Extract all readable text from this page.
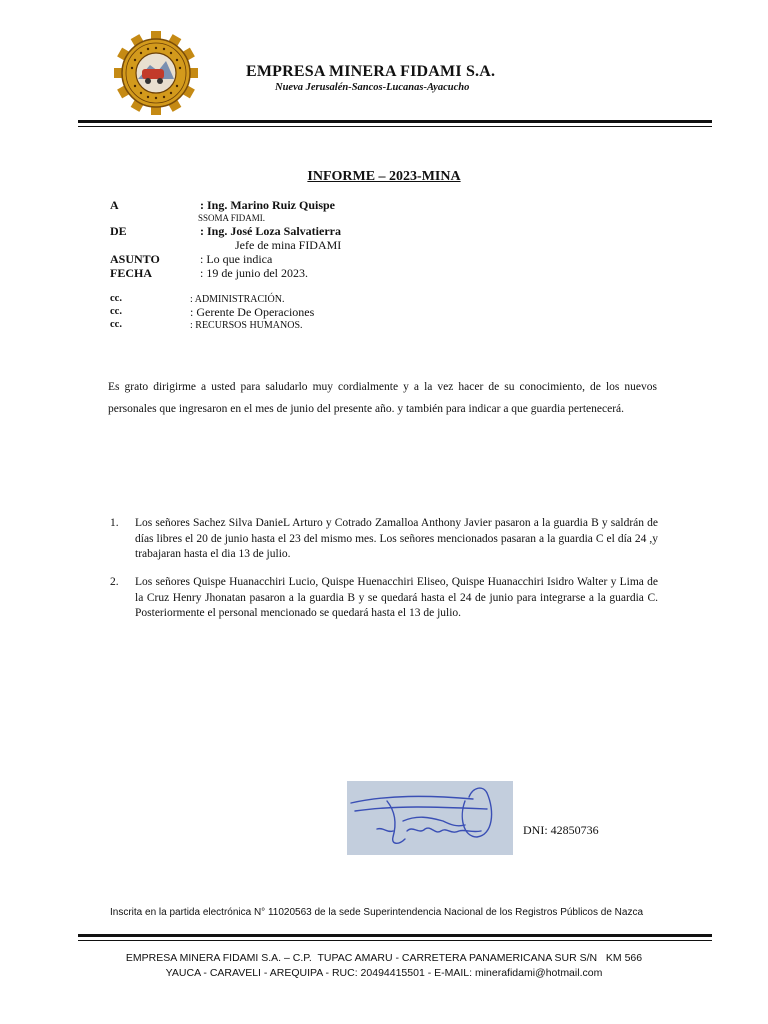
EMPRESA MINERA FIDAMI S.A.
Nueva Jerusalén-Sancos-Lucanas-Ayacucho
INFORME – 2023-MINA
A	: Ing. Marino Ruiz Quispe
SSOMA FIDAMI.
DE	: Ing. José Loza Salvatierra
Jefe de mina FIDAMI
ASUNTO	: Lo que indica
FECHA	: 19 de junio del 2023.
cc.	: ADMINISTRACIÓN.
cc.	: Gerente De Operaciones
cc.	: RECURSOS HUMANOS.
Es grato dirigirme a usted para saludarlo muy cordialmente y a la vez hacer de su conocimiento, de los nuevos personales que ingresaron en el mes de junio del presente año. y también para indicar a que guardia pertenecerá.
1. Los señores Sachez Silva DanieL Arturo y Cotrado Zamalloa Anthony Javier pasaron a la guardia B y saldrán de días libres el 20 de junio hasta el 23 del mismo mes. Los señores mencionados pasaran a la guardia C el día 24 ,y trabajaran hasta el dia 13 de julio.
2. Los señores Quispe Huanacchiri Lucio, Quispe Huenacchiri Eliseo, Quispe Huanacchiri Isidro Walter y Lima de la Cruz Henry Jhonatan pasaron a la guardia B y se quedará hasta el 24 de junio para integrarse a la guardia C. Posteriormente el personal mencionado se quedará hasta el 13 de julio.
DNI: 42850736
Inscrita en la partida electrónica N° 11020563 de la sede Superintendencia Nacional de los Registros Públicos de Nazca
EMPRESA MINERA FIDAMI S.A. – C.P.  TUPAC AMARU - CARRETERA PANAMERICANA SUR S/N   KM 566
YAUCA - CARAVELI - AREQUIPA - RUC: 20494415501 - E-MAIL: minerafidami@hotmail.com
